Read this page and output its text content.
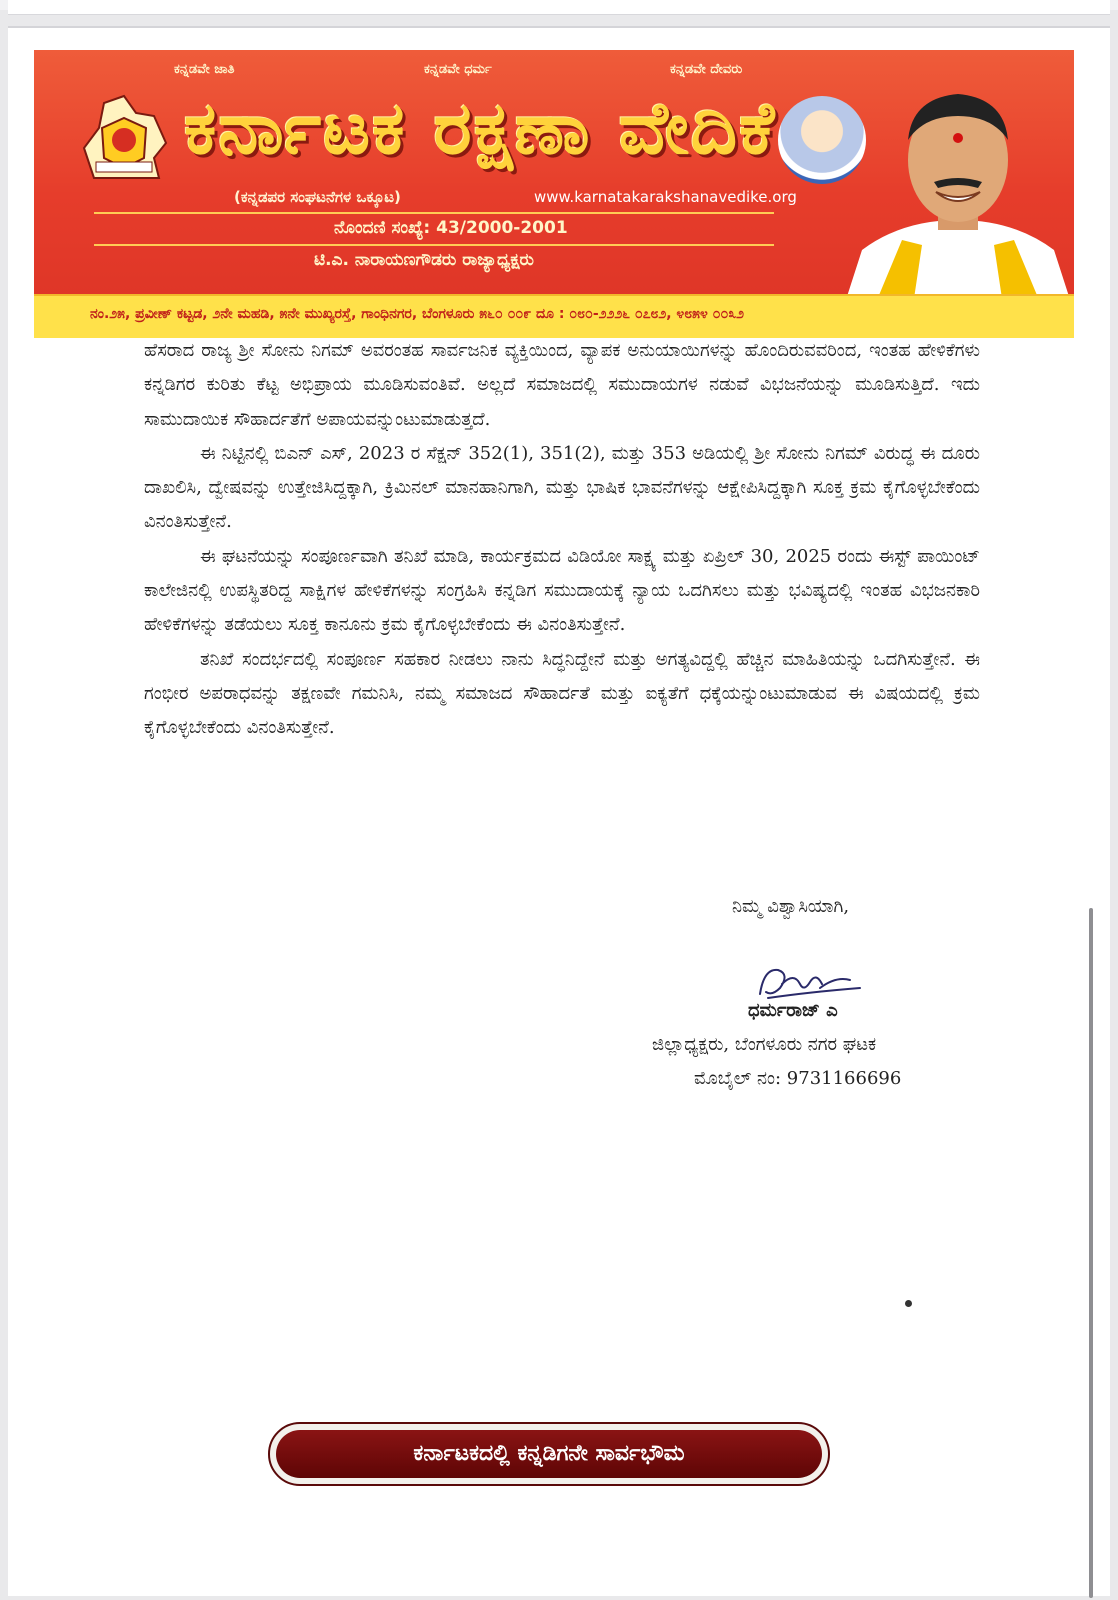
ಕನ್ನಡವೇ ಜಾತಿ	ಕನ್ನಡವೇ ಧರ್ಮ	ಕನ್ನಡವೇ ದೇವರು
ಕರ್ನಾಟಕ ರಕ್ಷಣಾ ವೇದಿಕೆ
(ಕನ್ನಡಪರ ಸಂಘಟನೆಗಳ ಒಕ್ಕೂಟ)	www.karnatakarakshanavedike.org
ನೊಂದಣಿ ಸಂಖ್ಯೆ: 43/2000-2001
ಟಿ.ಎ. ನಾರಾಯಣಗೌಡರು ರಾಜ್ಯಾಧ್ಯಕ್ಷರು
ನಂ.೨೫, ಪ್ರವೀಣ್ ಕಟ್ಟಡ, ೨ನೇ ಮಹಡಿ, ೫ನೇ ಮುಖ್ಯರಸ್ತೆ, ಗಾಂಧಿನಗರ, ಬೆಂಗಳೂರು ೫೬೦ ೦೦೯ ದೂ : ೦೮೦-೨೨೨೬ ೦೭೮೨, ೪೮೫೪ ೦೦೩೨

ಹೆಸರಾದ ರಾಜ್ಯ ಶ್ರೀ ಸೋನು ನಿಗಮ್ ಅವರಂತಹ ಸಾರ್ವಜನಿಕ ವ್ಯಕ್ತಿಯಿಂದ, ವ್ಯಾಪಕ ಅನುಯಾಯಿಗಳನ್ನು ಹೊಂದಿರುವವರಿಂದ, ಇಂತಹ ಹೇಳಿಕೆಗಳು ಕನ್ನಡಿಗರ ಕುರಿತು ಕೆಟ್ಟ ಅಭಿಪ್ರಾಯ ಮೂಡಿಸುವಂತಿವೆ. ಅಲ್ಲದೆ ಸಮಾಜದಲ್ಲಿ ಸಮುದಾಯಗಳ ನಡುವೆ ವಿಭಜನೆಯನ್ನು ಮೂಡಿಸುತ್ತಿದೆ. ಇದು ಸಾಮುದಾಯಿಕ ಸೌಹಾರ್ದತೆಗೆ ಅಪಾಯವನ್ನುಂಟುಮಾಡುತ್ತದೆ.

ಈ ನಿಟ್ಟಿನಲ್ಲಿ ಬಿಎನ್ ಎಸ್, 2023 ರ ಸೆಕ್ಷನ್ 352(1), 351(2), ಮತ್ತು 353 ಅಡಿಯಲ್ಲಿ ಶ್ರೀ ಸೋನು ನಿಗಮ್ ವಿರುದ್ಧ ಈ ದೂರು ದಾಖಲಿಸಿ, ದ್ವೇಷವನ್ನು ಉತ್ತೇಜಿಸಿದ್ದಕ್ಕಾಗಿ, ಕ್ರಿಮಿನಲ್ ಮಾನಹಾನಿಗಾಗಿ, ಮತ್ತು ಭಾಷಿಕ ಭಾವನೆಗಳನ್ನು ಆಕ್ಷೇಪಿಸಿದ್ದಕ್ಕಾಗಿ ಸೂಕ್ತ ಕ್ರಮ ಕೈಗೊಳ್ಳಬೇಕೆಂದು ವಿನಂತಿಸುತ್ತೇನೆ.

ಈ ಘಟನೆಯನ್ನು ಸಂಪೂರ್ಣವಾಗಿ ತನಿಖೆ ಮಾಡಿ, ಕಾರ್ಯಕ್ರಮದ ವಿಡಿಯೋ ಸಾಕ್ಷ್ಯ ಮತ್ತು ಏಪ್ರಿಲ್ 30, 2025 ರಂದು ಈಸ್ಟ್ ಪಾಯಿಂಟ್ ಕಾಲೇಜಿನಲ್ಲಿ ಉಪಸ್ಥಿತರಿದ್ದ ಸಾಕ್ಷಿಗಳ ಹೇಳಿಕೆಗಳನ್ನು ಸಂಗ್ರಹಿಸಿ ಕನ್ನಡಿಗ ಸಮುದಾಯಕ್ಕೆ ನ್ಯಾಯ ಒದಗಿಸಲು ಮತ್ತು ಭವಿಷ್ಯದಲ್ಲಿ ಇಂತಹ ವಿಭಜನಕಾರಿ ಹೇಳಿಕೆಗಳನ್ನು ತಡೆಯಲು ಸೂಕ್ತ ಕಾನೂನು ಕ್ರಮ ಕೈಗೊಳ್ಳಬೇಕೆಂದು ಈ ವಿನಂತಿಸುತ್ತೇನೆ.

ತನಿಖೆ ಸಂದರ್ಭದಲ್ಲಿ ಸಂಪೂರ್ಣ ಸಹಕಾರ ನೀಡಲು ನಾನು ಸಿದ್ಧನಿದ್ದೇನೆ ಮತ್ತು ಅಗತ್ಯವಿದ್ದಲ್ಲಿ ಹೆಚ್ಚಿನ ಮಾಹಿತಿಯನ್ನು ಒದಗಿಸುತ್ತೇನೆ. ಈ ಗಂಭೀರ ಅಪರಾಧವನ್ನು ತಕ್ಷಣವೇ ಗಮನಿಸಿ, ನಮ್ಮ ಸಮಾಜದ ಸೌಹಾರ್ದತೆ ಮತ್ತು ಐಕ್ಯತೆಗೆ ಧಕ್ಕೆಯನ್ನುಂಟುಮಾಡುವ ಈ ವಿಷಯದಲ್ಲಿ ಕ್ರಮ ಕೈಗೊಳ್ಳಬೇಕೆಂದು ವಿನಂತಿಸುತ್ತೇನೆ.

ನಿಮ್ಮ ವಿಶ್ವಾಸಿಯಾಗಿ,
ಧರ್ಮರಾಜ್ ಎ
ಜಿಲ್ಲಾಧ್ಯಕ್ಷರು, ಬೆಂಗಳೂರು ನಗರ ಘಟಕ
ಮೊಬೈಲ್ ನಂ: 9731166696
ಕರ್ನಾಟಕದಲ್ಲಿ ಕನ್ನಡಿಗನೇ ಸಾರ್ವಭೌಮ
